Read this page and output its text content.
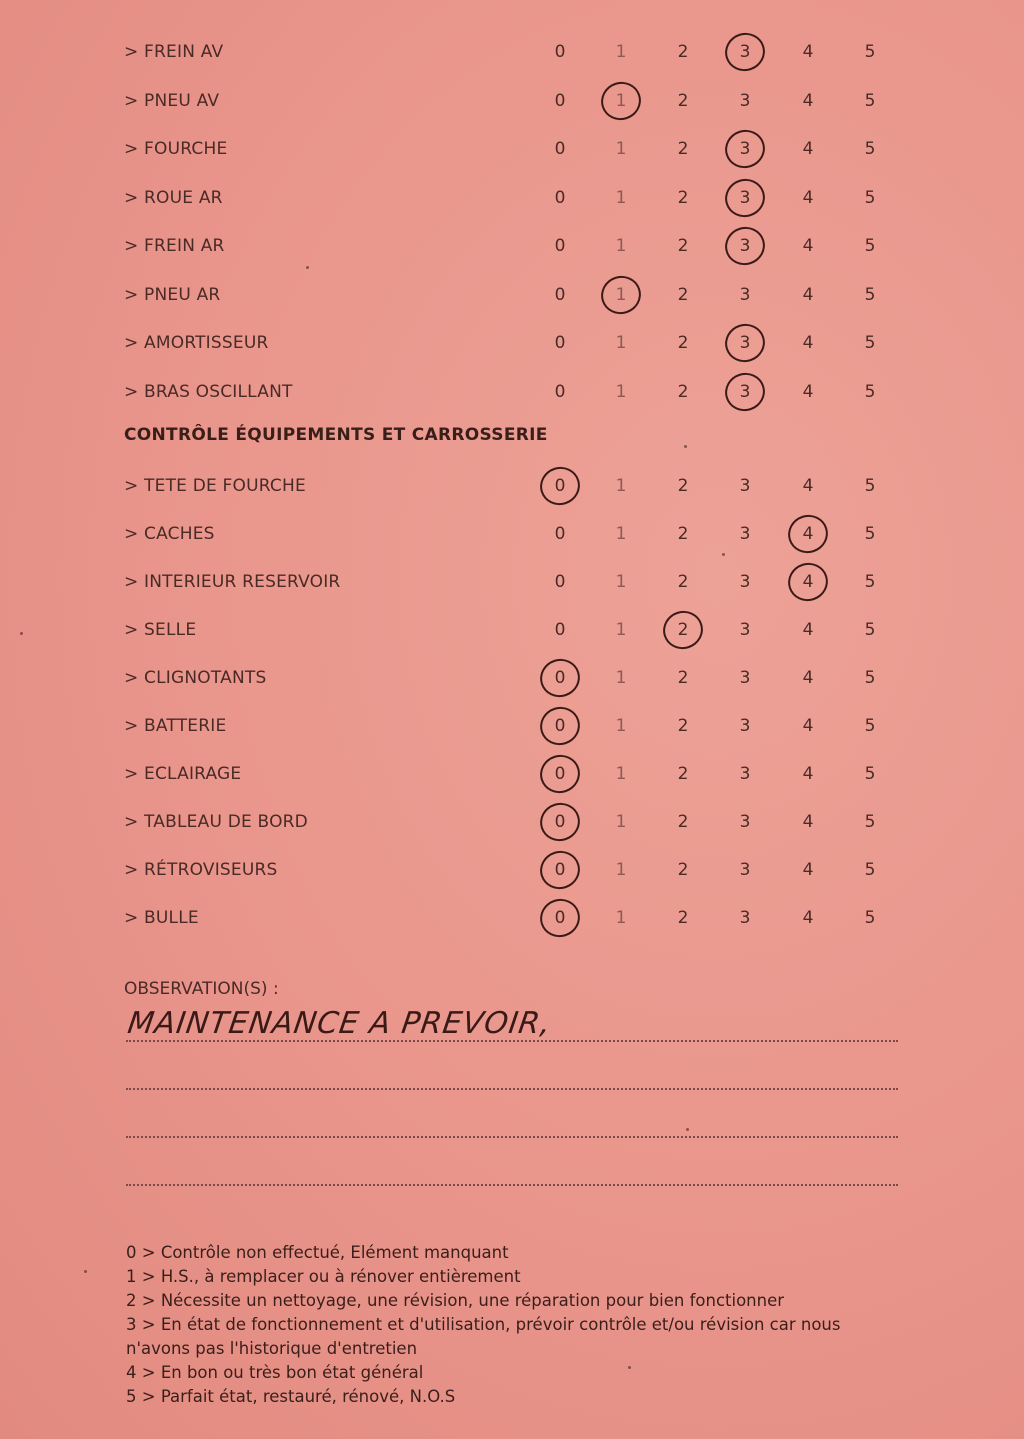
> FREIN AV	0	1	2	3	4	5
> PNEU AV	0	1	2	3	4	5
> FOURCHE	0	1	2	3	4	5
> ROUE AR	0	1	2	3	4	5
> FREIN AR	0	1	2	3	4	5
> PNEU AR	0	1	2	3	4	5
> AMORTISSEUR	0	1	2	3	4	5
> BRAS OSCILLANT	0	1	2	3	4	5
CONTRÔLE ÉQUIPEMENTS ET CARROSSERIE
> TETE DE FOURCHE	0	1	2	3	4	5
> CACHES	0	1	2	3	4	5
> INTERIEUR RESERVOIR	0	1	2	3	4	5
> SELLE	0	1	2	3	4	5
> CLIGNOTANTS	0	1	2	3	4	5
> BATTERIE	0	1	2	3	4	5
> ECLAIRAGE	0	1	2	3	4	5
> TABLEAU DE BORD	0	1	2	3	4	5
> RÉTROVISEURS	0	1	2	3	4	5
> BULLE	0	1	2	3	4	5
OBSERVATION(S) :
MAINTENANCE A PREVOIR,
0 > Contrôle non effectué, Elément manquant
1 > H.S., à remplacer ou à rénover entièrement
2 > Nécessite un nettoyage, une révision, une réparation pour bien fonctionner
3 > En état de fonctionnement et d'utilisation, prévoir contrôle et/ou révision car nous n'avons pas l'historique d'entretien
4 > En bon ou très bon état général
5 > Parfait état, restauré, rénové, N.O.S
